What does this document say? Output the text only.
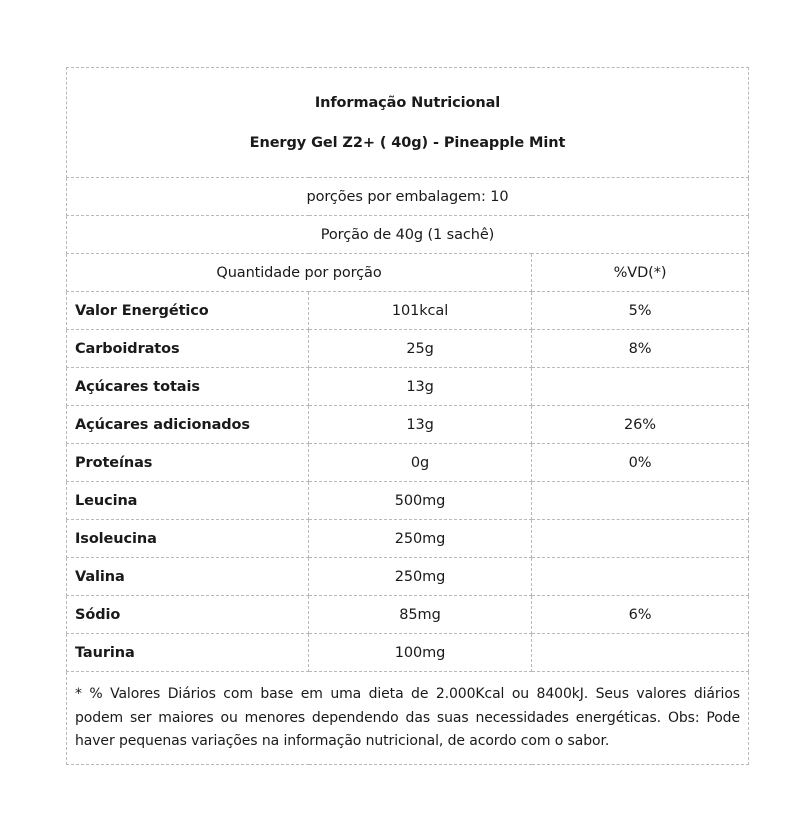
Informação Nutricional
Energy Gel Z2+ ( 40g) - Pineapple Mint		

porções por embalagem: 10		
Porção de 40g (1 sachê)		
Quantidade por porção		%VD(*)
Valor Energético	101kcal	5%
Carboidratos	25g	8%
Açúcares totais	13g	
Açúcares adicionados	13g	26%
Proteínas	0g	0%
Leucina	500mg	
Isoleucina	250mg	
Valina	250mg	
Sódio	85mg	6%
Taurina	100mg	
* % Valores Diários com base em uma dieta de 2.000Kcal ou 8400kJ. Seus valores diários podem ser maiores ou menores dependendo das suas necessidades energéticas. Obs: Pode haver pequenas variações na informação nutricional, de acordo com o sabor.		
